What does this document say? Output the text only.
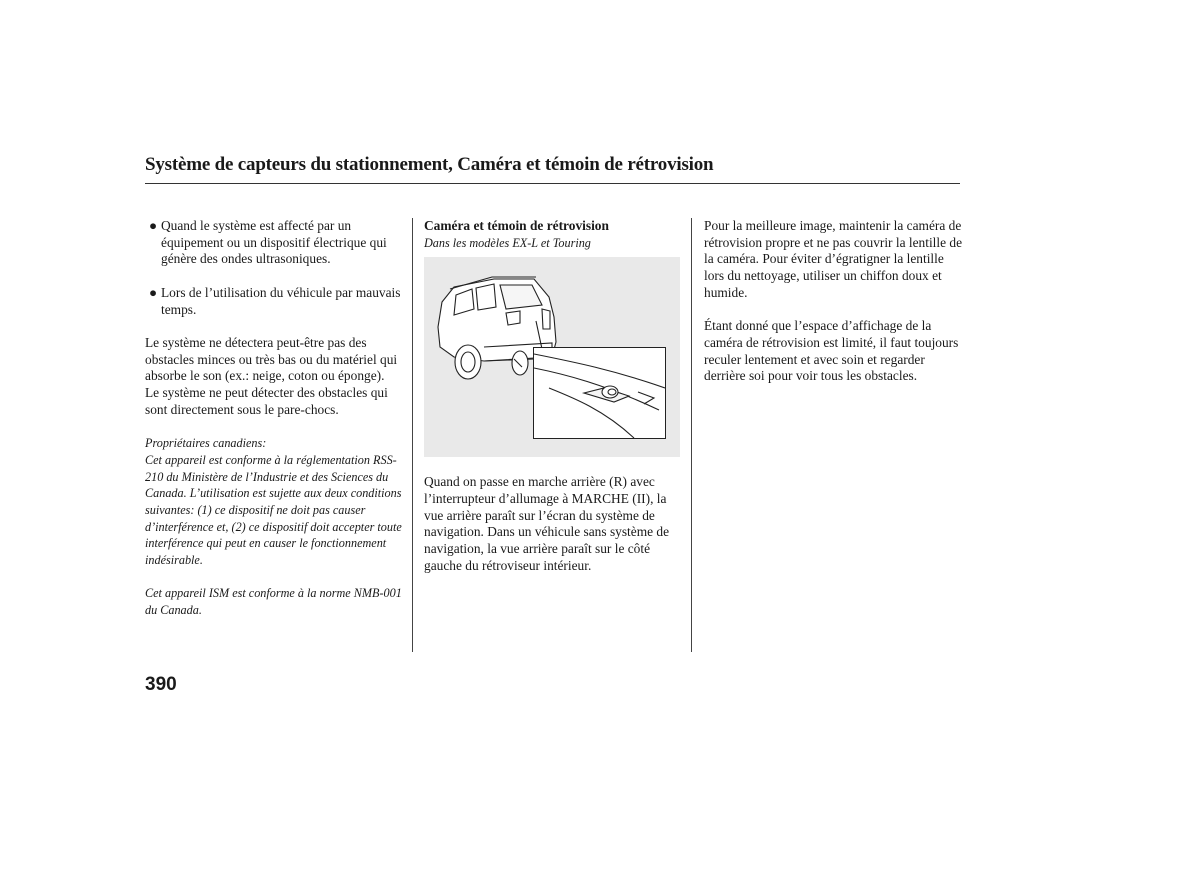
Système de capteurs du stationnement, Caméra et témoin de rétrovision
● Quand le système est affecté par un équipement ou un dispositif électrique qui génère des ondes ultrasoniques.
● Lors de l’utilisation du véhicule par mauvais temps.

Le système ne détectera peut-être pas des obstacles minces ou très bas ou du matériel qui absorbe le son (ex.: neige, coton ou éponge).

Le système ne peut détecter des obstacles qui sont directement sous le pare-chocs.

Propriétaires canadiens:

Cet appareil est conforme à la réglementation RSS-210 du Ministère de l’Industrie et des Sciences du Canada. L’utilisation est sujette aux deux conditions suivantes: (1) ce dispositif ne doit pas causer d’interférence et, (2) ce dispositif doit accepter toute interférence qui peut en causer le fonctionnement indésirable.

Cet appareil ISM est conforme à la norme NMB-001 du Canada.

Caméra et témoin de rétrovision

Dans les modèles EX-L et Touring

Quand on passe en marche arrière (R) avec l’interrupteur d’allumage à MARCHE (II), la vue arrière paraît sur l’écran du système de navigation. Dans un véhicule sans système de navigation, la vue arrière paraît sur le côté gauche du rétroviseur intérieur.

Pour la meilleure image, maintenir la caméra de rétrovision propre et ne pas couvrir la lentille de la caméra. Pour éviter d’égratigner la lentille lors du nettoyage, utiliser un chiffon doux et humide.

Étant donné que l’espace d’affichage de la caméra de rétrovision est limité, il faut toujours reculer lentement et avec soin et regarder derrière soi pour voir tous les obstacles.

390
